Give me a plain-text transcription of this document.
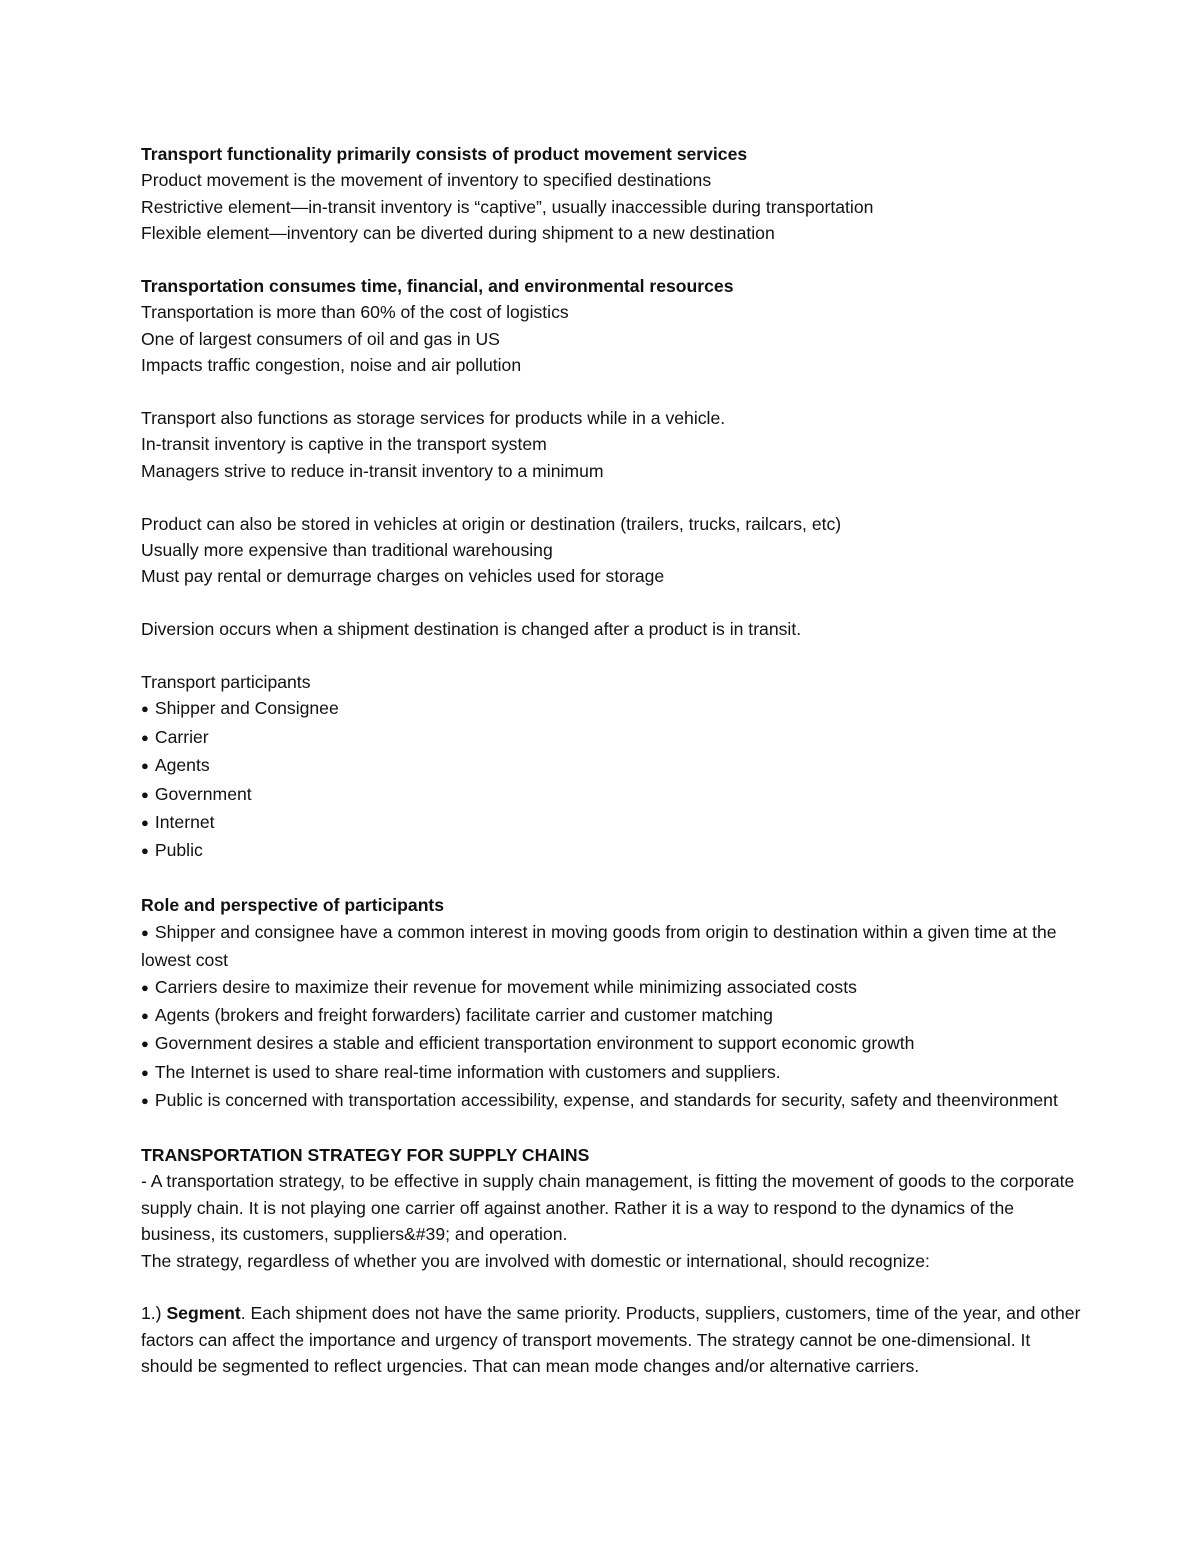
Transport functionality primarily consists of product movement services
Product movement is the movement of inventory to specified destinations
Restrictive element—in-transit inventory is “captive”, usually inaccessible during transportation
Flexible element—inventory can be diverted during shipment to a new destination
Transportation consumes time, financial, and environmental resources
Transportation is more than 60% of the cost of logistics
One of largest consumers of oil and gas in US
Impacts traffic congestion, noise and air pollution
Transport also functions as storage services for products while in a vehicle.
In-transit inventory is captive in the transport system
Managers strive to reduce in-transit inventory to a minimum
Product can also be stored in vehicles at origin or destination (trailers, trucks, railcars, etc)
Usually more expensive than traditional warehousing
Must pay rental or demurrage charges on vehicles used for storage
Diversion occurs when a shipment destination is changed after a product is in transit.
Transport participants
● Shipper and Consignee
● Carrier
● Agents
● Government
● Internet
● Public
Role and perspective of participants
● Shipper and consignee have a common interest in moving goods from origin to destination within a given time at the lowest cost
● Carriers desire to maximize their revenue for movement while minimizing associated costs
● Agents (brokers and freight forwarders) facilitate carrier and customer matching
● Government desires a stable and efficient transportation environment to support economic growth
● The Internet is used to share real-time information with customers and suppliers.
● Public is concerned with transportation accessibility, expense, and standards for security, safety and theenvironment
TRANSPORTATION STRATEGY FOR SUPPLY CHAINS
- A transportation strategy, to be effective in supply chain management, is fitting the movement of goods to the corporate supply chain. It is not playing one carrier off against another. Rather it is a way to respond to the dynamics of the business, its customers, suppliers&#39; and operation.
The strategy, regardless of whether you are involved with domestic or international, should recognize:
1.) Segment. Each shipment does not have the same priority. Products, suppliers, customers, time of the year, and other factors can affect the importance and urgency of transport movements. The strategy cannot be one-dimensional. It should be segmented to reflect urgencies. That can mean mode changes and/or alternative carriers.
